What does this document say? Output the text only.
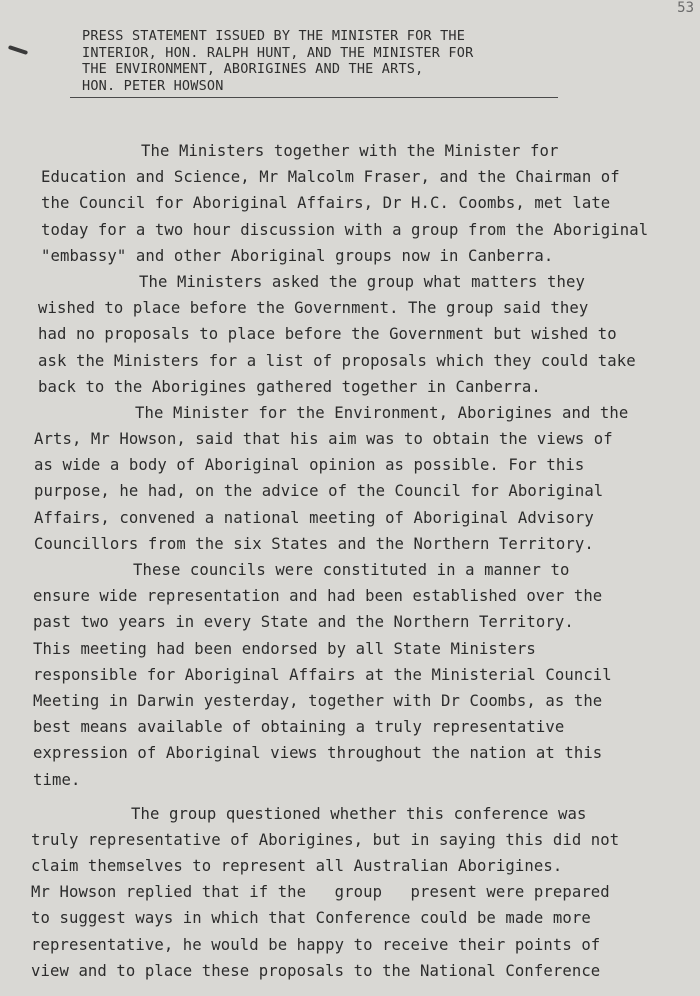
53
PRESS STATEMENT ISSUED BY THE MINISTER FOR THE
INTERIOR, HON. RALPH HUNT, AND THE MINISTER FOR
THE ENVIRONMENT, ABORIGINES AND THE ARTS,
HON. PETER HOWSON
The Ministers together with the Minister for
Education and Science, Mr Malcolm Fraser, and the Chairman of
the Council for Aboriginal Affairs, Dr H.C. Coombs, met late
today for a two hour discussion with a group from the Aboriginal
"embassy" and other Aboriginal groups now in Canberra.
The Ministers asked the group what matters they
wished to place before the Government. The group said they
had no proposals to place before the Government but wished to
ask the Ministers for a list of proposals which they could take
back to the Aborigines gathered together in Canberra.
The Minister for the Environment, Aborigines and the
Arts, Mr Howson, said that his aim was to obtain the views of
as wide a body of Aboriginal opinion as possible. For this
purpose, he had, on the advice of the Council for Aboriginal
Affairs, convened a national meeting of Aboriginal Advisory
Councillors from the six States and the Northern Territory.
These councils were constituted in a manner to
ensure wide representation and had been established over the
past two years in every State and the Northern Territory.
This meeting had been endorsed by all State Ministers
responsible for Aboriginal Affairs at the Ministerial Council
Meeting in Darwin yesterday, together with Dr Coombs, as the
best means available of obtaining a truly representative
expression of Aboriginal views throughout the nation at this
time.
The group questioned whether this conference was
truly representative of Aborigines, but in saying this did not
claim themselves to represent all Australian Aborigines.
Mr Howson replied that if the   group   present were prepared
to suggest ways in which that Conference could be made more
representative, he would be happy to receive their points of
view and to place these proposals to the National Conference
